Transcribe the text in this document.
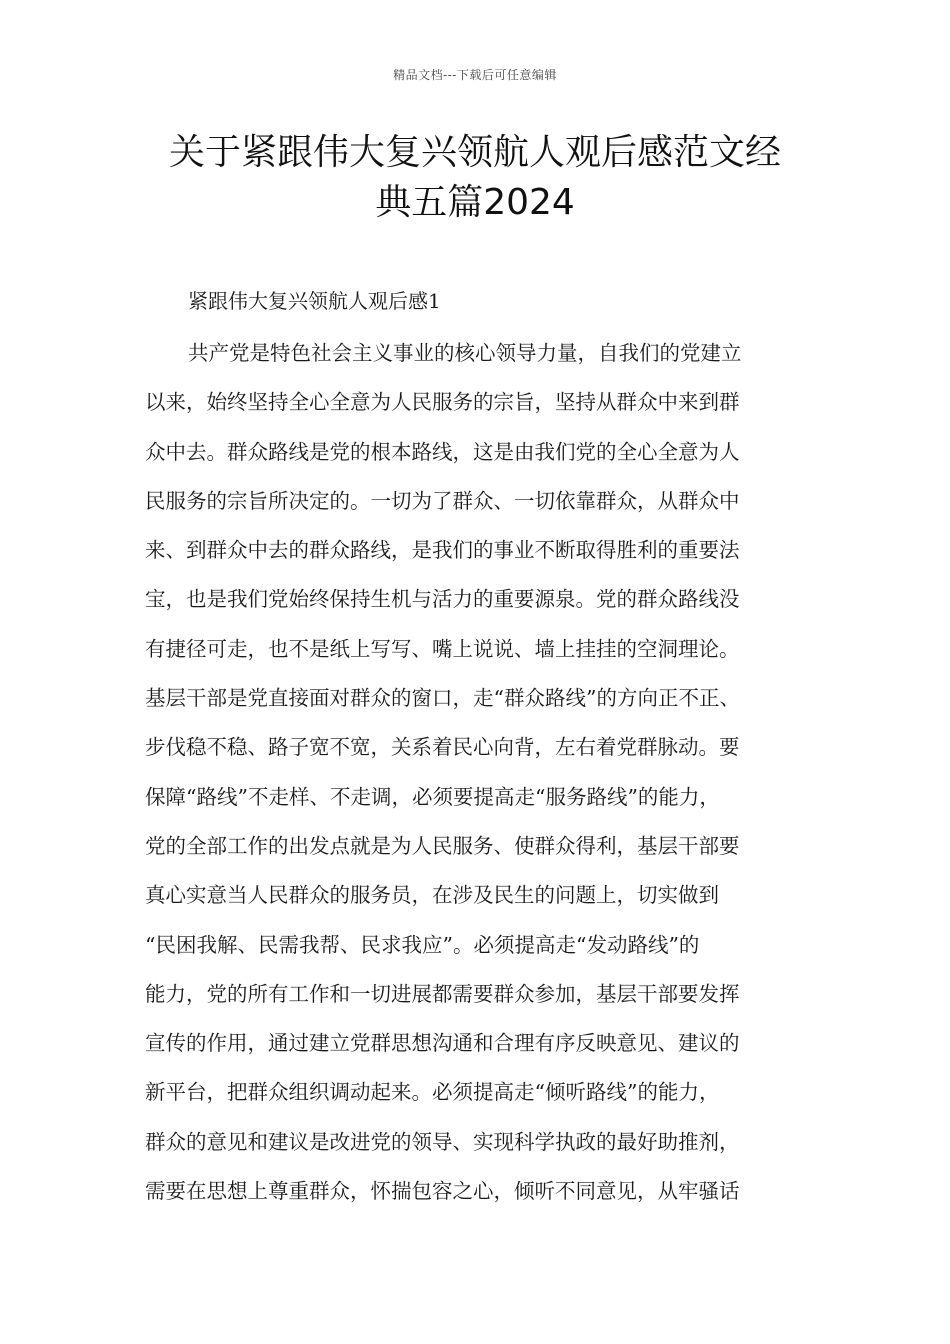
精品文档---下载后可任意编辑
关于紧跟伟大复兴领航人观后感范文经
典五篇2024
紧跟伟大复兴领航人观后感1
共产党是特色社会主义事业的核心领导力量，自我们的党建立
以来，始终坚持全心全意为人民服务的宗旨，坚持从群众中来到群
众中去。群众路线是党的根本路线，这是由我们党的全心全意为人
民服务的宗旨所决定的。一切为了群众、一切依靠群众，从群众中
来、到群众中去的群众路线，是我们的事业不断取得胜利的重要法
宝，也是我们党始终保持生机与活力的重要源泉。党的群众路线没
有捷径可走，也不是纸上写写、嘴上说说、墙上挂挂的空洞理论。
基层干部是党直接面对群众的窗口，走“群众路线”的方向正不正、
步伐稳不稳、路子宽不宽，关系着民心向背，左右着党群脉动。要
保障“路线”不走样、不走调，必须要提高走“服务路线”的能力，
党的全部工作的出发点就是为人民服务、使群众得利，基层干部要
真心实意当人民群众的服务员，在涉及民生的问题上，切实做到
“民困我解、民需我帮、民求我应”。必须提高走“发动路线”的
能力，党的所有工作和一切进展都需要群众参加，基层干部要发挥
宣传的作用，通过建立党群思想沟通和合理有序反映意见、建议的
新平台，把群众组织调动起来。必须提高走“倾听路线”的能力，
群众的意见和建议是改进党的领导、实现科学执政的最好助推剂，
需要在思想上尊重群众，怀揣包容之心，倾听不同意见，从牢骚话
